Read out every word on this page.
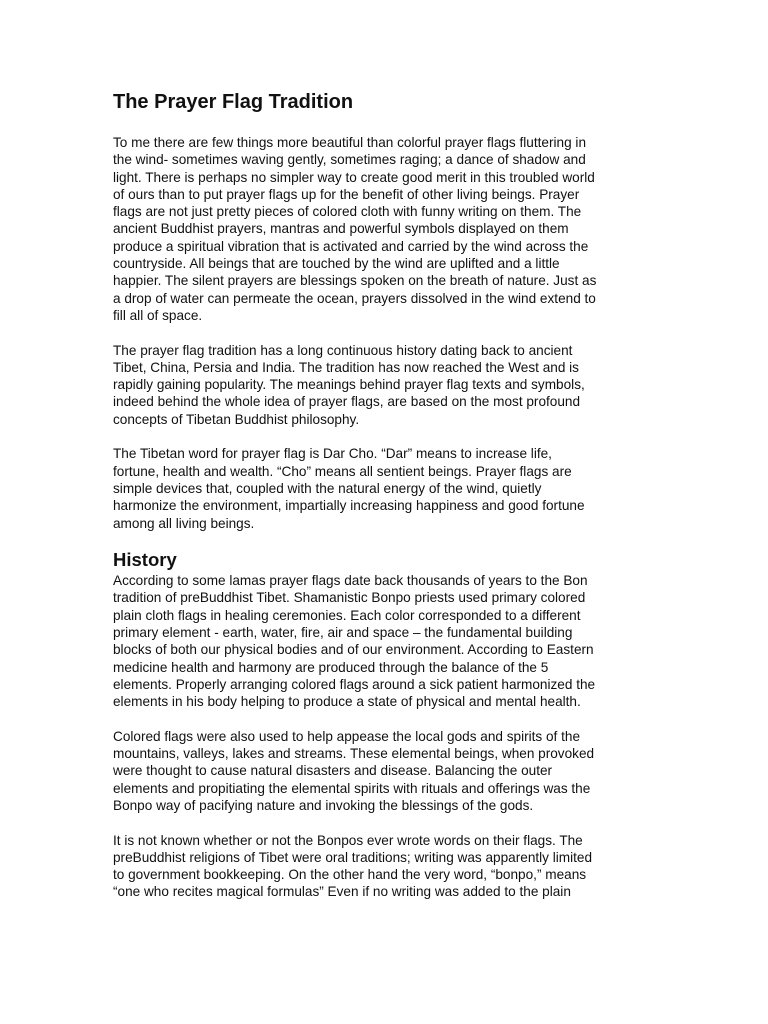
The Prayer Flag Tradition

To me there are few things more beautiful than colorful prayer flags fluttering in
the wind- sometimes waving gently, sometimes raging; a dance of shadow and
light. There is perhaps no simpler way to create good merit in this troubled world
of ours than to put prayer flags up for the benefit of other living beings. Prayer
flags are not just pretty pieces of colored cloth with funny writing on them. The
ancient Buddhist prayers, mantras and powerful symbols displayed on them
produce a spiritual vibration that is activated and carried by the wind across the
countryside. All beings that are touched by the wind are uplifted and a little
happier. The silent prayers are blessings spoken on the breath of nature. Just as
a drop of water can permeate the ocean, prayers dissolved in the wind extend to
fill all of space.

The prayer flag tradition has a long continuous history dating back to ancient
Tibet, China, Persia and India. The tradition has now reached the West and is
rapidly gaining popularity. The meanings behind prayer flag texts and symbols,
indeed behind the whole idea of prayer flags, are based on the most profound
concepts of Tibetan Buddhist philosophy.

The Tibetan word for prayer flag is Dar Cho. “Dar” means to increase life,
fortune, health and wealth. “Cho” means all sentient beings. Prayer flags are
simple devices that, coupled with the natural energy of the wind, quietly
harmonize the environment, impartially increasing happiness and good fortune
among all living beings.

History

According to some lamas prayer flags date back thousands of years to the Bon
tradition of preBuddhist Tibet. Shamanistic Bonpo priests used primary colored
plain cloth flags in healing ceremonies. Each color corresponded to a different
primary element - earth, water, fire, air and space – the fundamental building
blocks of both our physical bodies and of our environment. According to Eastern
medicine health and harmony are produced through the balance of the 5
elements. Properly arranging colored flags around a sick patient harmonized the
elements in his body helping to produce a state of physical and mental health.

Colored flags were also used to help appease the local gods and spirits of the
mountains, valleys, lakes and streams. These elemental beings, when provoked
were thought to cause natural disasters and disease. Balancing the outer
elements and propitiating the elemental spirits with rituals and offerings was the
Bonpo way of pacifying nature and invoking the blessings of the gods.

It is not known whether or not the Bonpos ever wrote words on their flags. The
preBuddhist religions of Tibet were oral traditions; writing was apparently limited
to government bookkeeping. On the other hand the very word, “bonpo,” means
“one who recites magical formulas” Even if no writing was added to the plain
